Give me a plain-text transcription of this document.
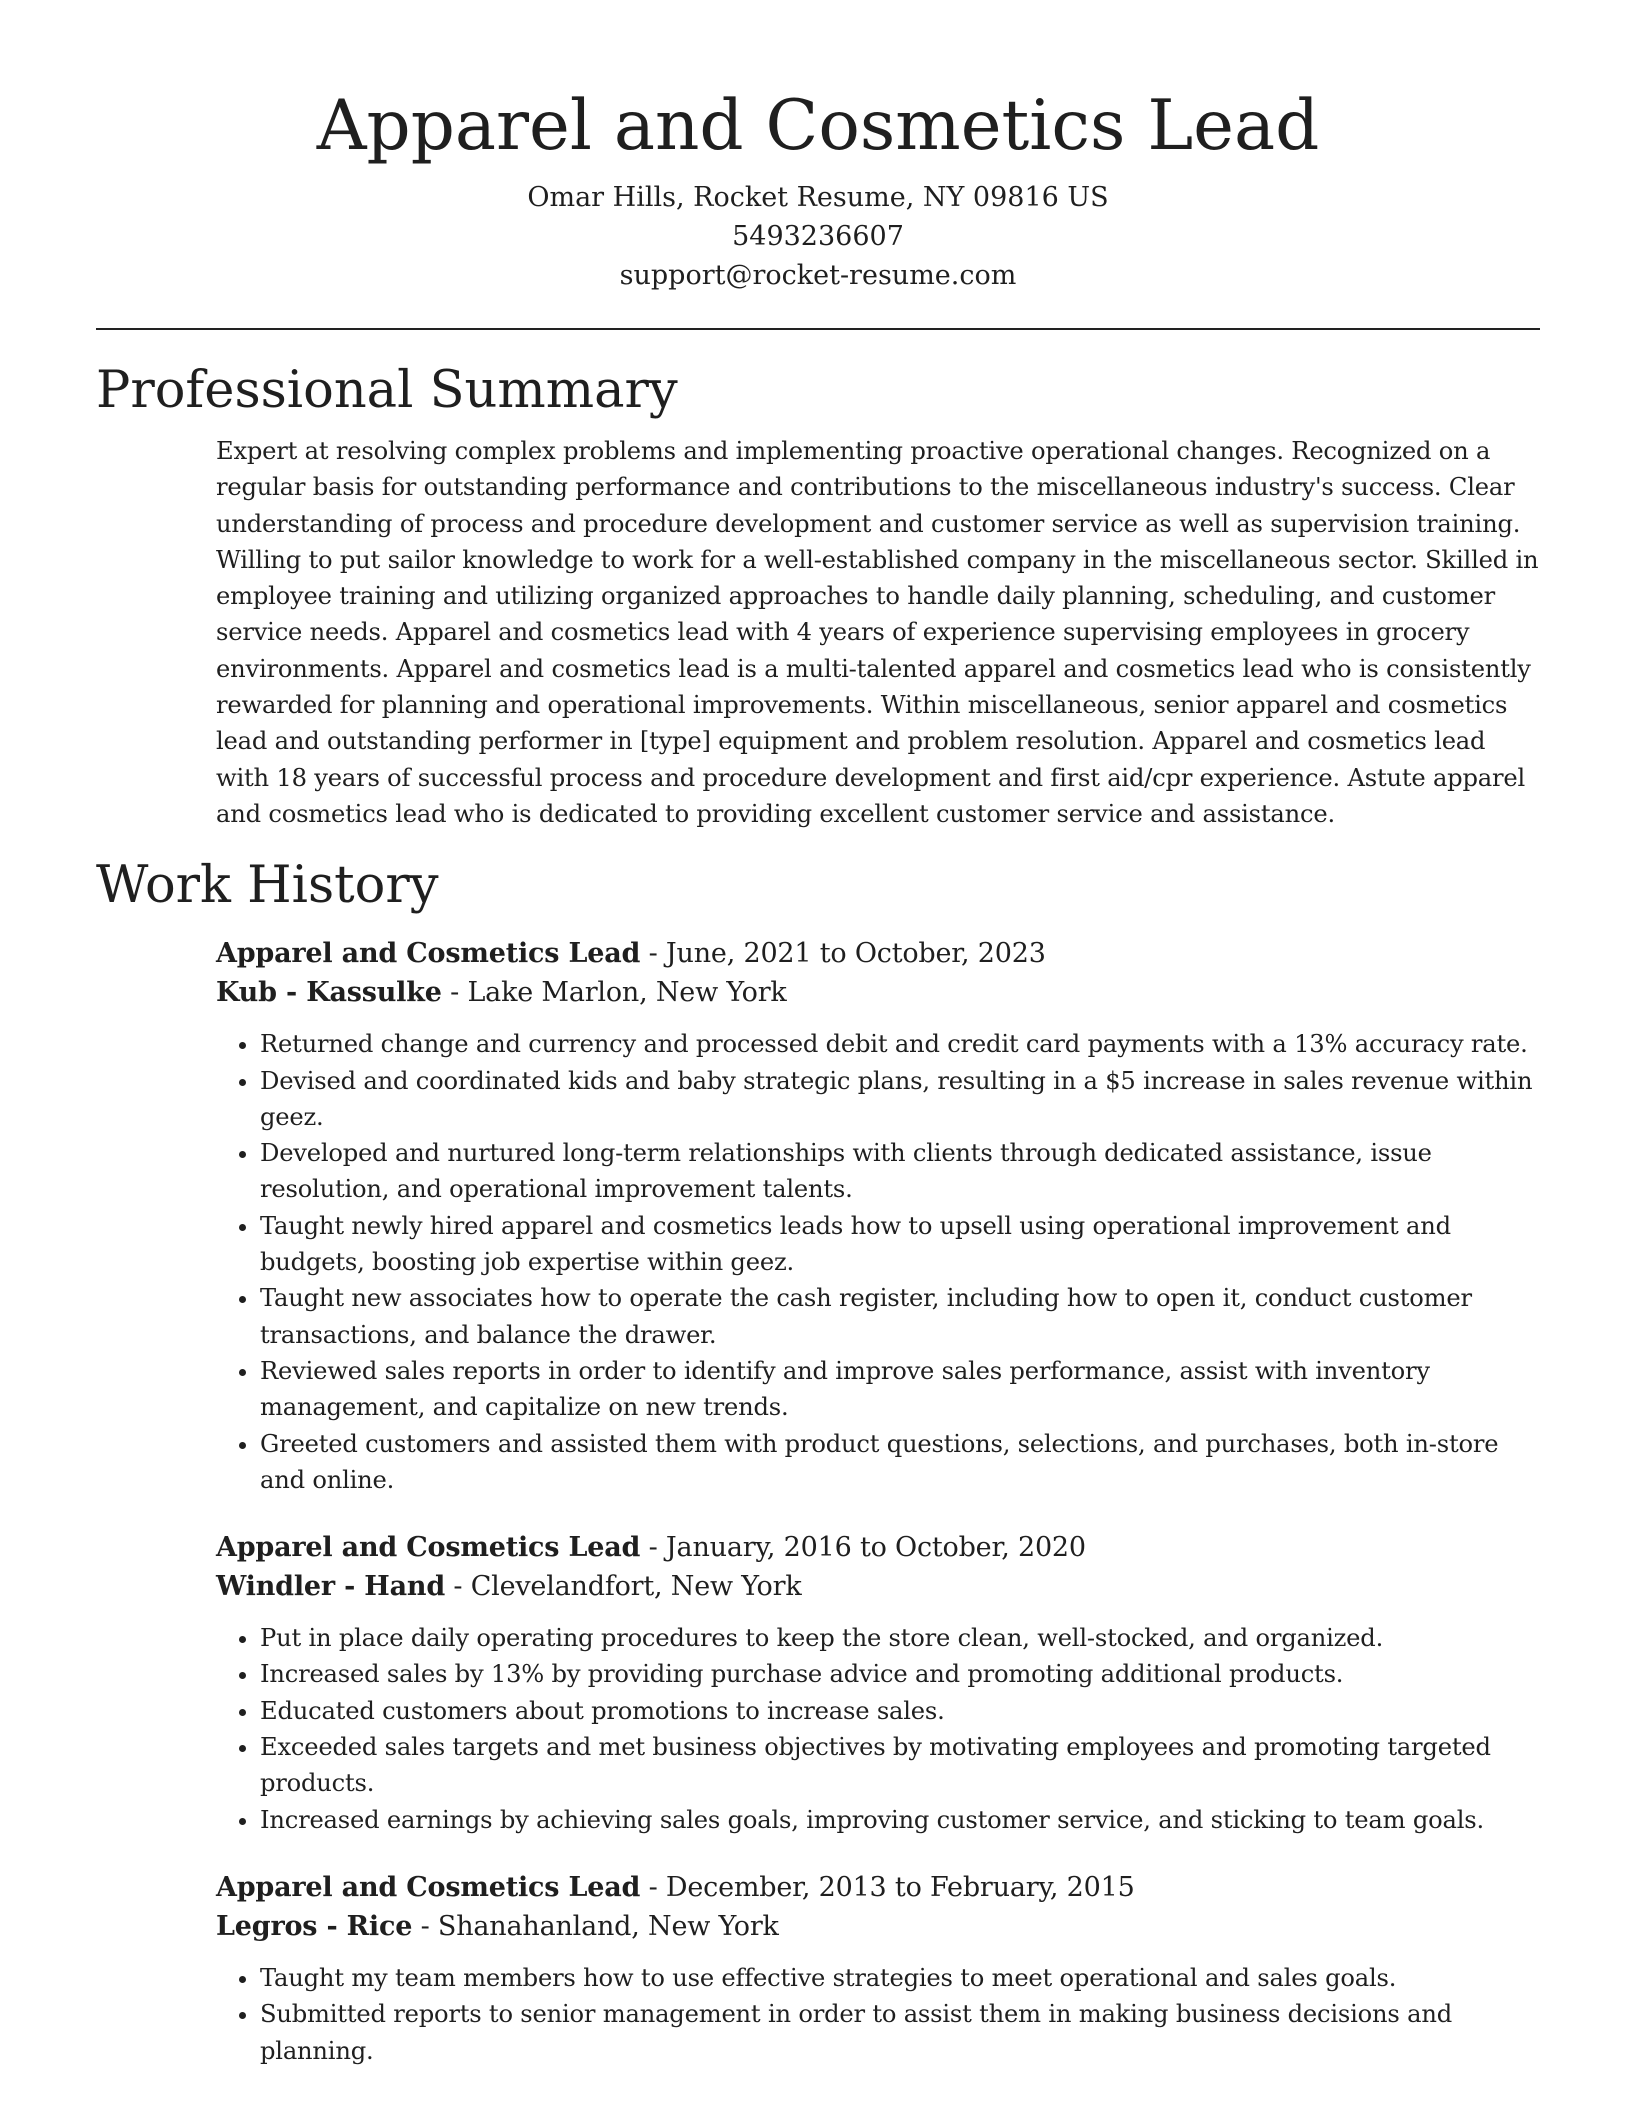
Apparel and Cosmetics Lead
Omar Hills, Rocket Resume, NY 09816 US
5493236607
support@rocket-resume.com
Professional Summary
Expert at resolving complex problems and implementing proactive operational changes. Recognized on a regular basis for outstanding performance and contributions to the miscellaneous industry's success. Clear understanding of process and procedure development and customer service as well as supervision training. Willing to put sailor knowledge to work for a well-established company in the miscellaneous sector. Skilled in employee training and utilizing organized approaches to handle daily planning, scheduling, and customer service needs. Apparel and cosmetics lead with 4 years of experience supervising employees in grocery environments. Apparel and cosmetics lead is a multi-talented apparel and cosmetics lead who is consistently rewarded for planning and operational improvements. Within miscellaneous, senior apparel and cosmetics lead and outstanding performer in [type] equipment and problem resolution. Apparel and cosmetics lead with 18 years of successful process and procedure development and first aid/cpr experience. Astute apparel and cosmetics lead who is dedicated to providing excellent customer service and assistance.
Work History
Apparel and Cosmetics Lead - June, 2021 to October, 2023
Kub - Kassulke - Lake Marlon, New York
• Returned change and currency and processed debit and credit card payments with a 13% accuracy rate.
• Devised and coordinated kids and baby strategic plans, resulting in a $5 increase in sales revenue within geez.
• Developed and nurtured long-term relationships with clients through dedicated assistance, issue resolution, and operational improvement talents.
• Taught newly hired apparel and cosmetics leads how to upsell using operational improvement and budgets, boosting job expertise within geez.
• Taught new associates how to operate the cash register, including how to open it, conduct customer transactions, and balance the drawer.
• Reviewed sales reports in order to identify and improve sales performance, assist with inventory management, and capitalize on new trends.
• Greeted customers and assisted them with product questions, selections, and purchases, both in-store and online.
Apparel and Cosmetics Lead - January, 2016 to October, 2020
Windler - Hand - Clevelandfort, New York
• Put in place daily operating procedures to keep the store clean, well-stocked, and organized.
• Increased sales by 13% by providing purchase advice and promoting additional products.
• Educated customers about promotions to increase sales.
• Exceeded sales targets and met business objectives by motivating employees and promoting targeted products.
• Increased earnings by achieving sales goals, improving customer service, and sticking to team goals.
Apparel and Cosmetics Lead - December, 2013 to February, 2015
Legros - Rice - Shanahanland, New York
• Taught my team members how to use effective strategies to meet operational and sales goals.
• Submitted reports to senior management in order to assist them in making business decisions and planning.
